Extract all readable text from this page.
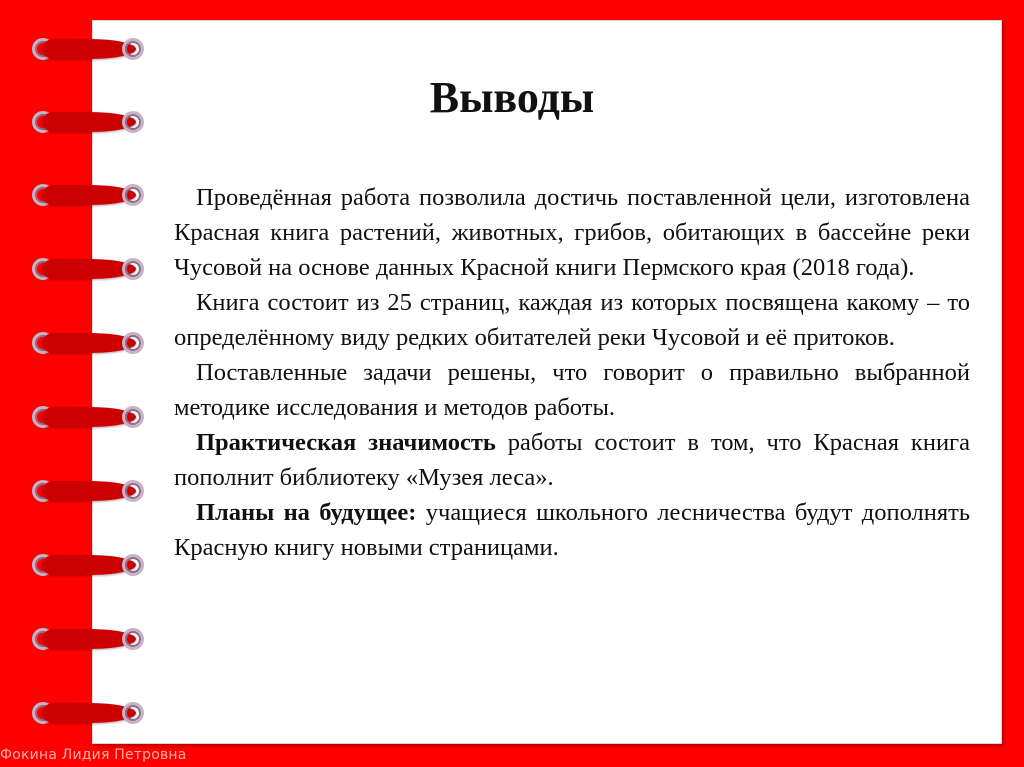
Выводы

Проведённая работа позволила достичь поставленной цели, изготовлена Красная книга растений, животных, грибов, обитающих в бассейне реки Чусовой на основе данных Красной книги Пермского края (2018 года).

Книга состоит из 25 страниц, каждая из которых посвящена какому – то определённому виду редких обитателей реки Чусовой и её притоков.

Поставленные задачи решены, что говорит о правильно выбранной методике исследования и методов работы.

Практическая значимость работы состоит в том, что Красная книга пополнит библиотеку «Музея леса».

Планы на будущее: учащиеся школьного лесничества будут дополнять Красную книгу новыми страницами.

Фокина Лидия Петровна
